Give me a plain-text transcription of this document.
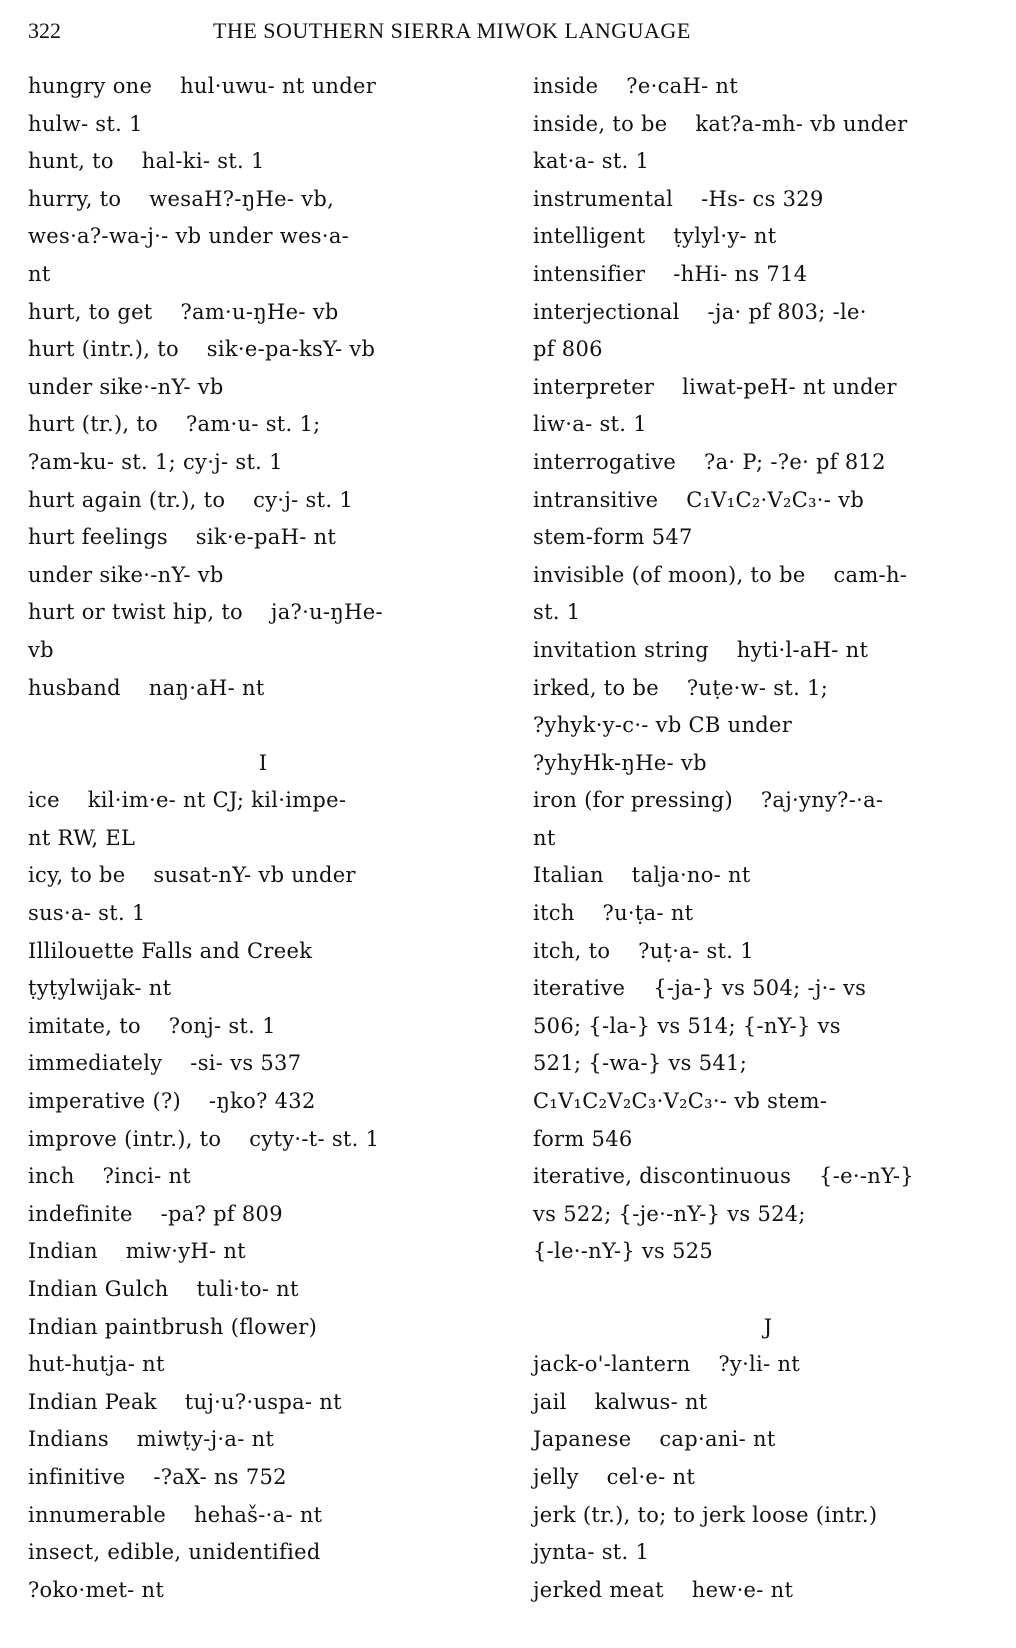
322	THE SOUTHERN SIERRA MIWOK LANGUAGE
hungry one    hul·uwu- nt under
hulw- st. 1
hunt, to    hal-ki- st. 1
hurry, to    wesaH?-ŋHe- vb,
wes·a?-wa-j·- vb under wes·a-
nt
hurt, to get    ?am·u-ŋHe- vb
hurt (intr.), to    sik·e-pa-ksY- vb
under sike·-nY- vb
hurt (tr.), to    ?am·u- st. 1;
?am-ku- st. 1; cy·j- st. 1
hurt again (tr.), to    cy·j- st. 1
hurt feelings    sik·e-paH- nt
under sike·-nY- vb
hurt or twist hip, to    ja?·u-ŋHe-
vb
husband    naŋ·aH- nt
I
ice    kil·im·e- nt CJ; kil·impe-
nt RW, EL
icy, to be    susat-nY- vb under
sus·a- st. 1
Illilouette Falls and Creek
ṭyṭylwijak- nt
imitate, to    ?onj- st. 1
immediately    -si- vs 537
imperative (?)    -ŋko? 432
improve (intr.), to    cyty·-t- st. 1
inch    ?inci- nt
indefinite    -pa? pf 809
Indian    miw·yH- nt
Indian Gulch    tuli·to- nt
Indian paintbrush (flower)
hut-hutja- nt
Indian Peak    tuj·u?·uspa- nt
Indians    miwṭy-j·a- nt
infinitive    -?aX- ns 752
innumerable    hehaš-·a- nt
insect, edible, unidentified
?oko·met- nt
inside    ?e·caH- nt
inside, to be    kat?a-mh- vb under
kat·a- st. 1
instrumental    -Hs- cs 329
intelligent    ṭylyl·y- nt
intensifier    -hHi- ns 714
interjectional    -ja· pf 803; -le·
pf 806
interpreter    liwat-peH- nt under
liw·a- st. 1
interrogative    ?a· P; -?e· pf 812
intransitive    C₁V₁C₂·V₂C₃·- vb
stem-form 547
invisible (of moon), to be    cam-h-
st. 1
invitation string    hyti·l-aH- nt
irked, to be    ?uṭe·w- st. 1;
?yhyk·y-c·- vb CB under
?yhyHk-ŋHe- vb
iron (for pressing)    ?aj·yny?-·a-
nt
Italian    talja·no- nt
itch    ?u·ṭa- nt
itch, to    ?uṭ·a- st. 1
iterative    {-ja-} vs 504; -j·- vs
506; {-la-} vs 514; {-nY-} vs
521; {-wa-} vs 541;
C₁V₁C₂V₂C₃·V₂C₃·- vb stem-
form 546
iterative, discontinuous    {-e·-nY-}
vs 522; {-je·-nY-} vs 524;
{-le·-nY-} vs 525
J
jack-o'-lantern    ?y·li- nt
jail    kalwus- nt
Japanese    cap·ani- nt
jelly    cel·e- nt
jerk (tr.), to; to jerk loose (intr.)
jynta- st. 1
jerked meat    hew·e- nt
